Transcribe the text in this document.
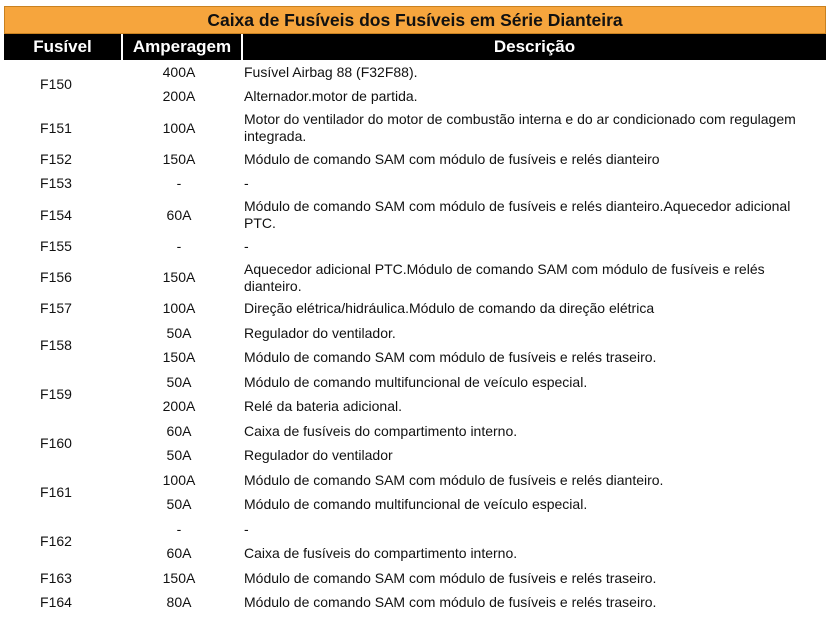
Caixa de Fusíveis dos Fusíveis em Série Dianteira
Fusível	Amperagem	Descrição
F150	400A	Fusível Airbag 88 (F32F88).
	200A	Alternador.motor de partida.
F151	100A	Motor do ventilador do motor de combustão interna e do ar condicionado com regulagem integrada.
F152	150A	Módulo de comando SAM com módulo de fusíveis e relés dianteiro
F153	-	-
F154	60A	Módulo de comando SAM com módulo de fusíveis e relés dianteiro.Aquecedor adicional PTC.
F155	-	-
F156	150A	Aquecedor adicional PTC.Módulo de comando SAM com módulo de fusíveis e relés dianteiro.
F157	100A	Direção elétrica/hidráulica.Módulo de comando da direção elétrica
F158	50A	Regulador do ventilador.
	150A	Módulo de comando SAM com módulo de fusíveis e relés traseiro.
F159	50A	Módulo de comando multifuncional de veículo especial.
	200A	Relé da bateria adicional.
F160	60A	Caixa de fusíveis do compartimento interno.
	50A	Regulador do ventilador
F161	100A	Módulo de comando SAM com módulo de fusíveis e relés dianteiro.
	50A	Módulo de comando multifuncional de veículo especial.
F162	-	-
	60A	Caixa de fusíveis do compartimento interno.
F163	150A	Módulo de comando SAM com módulo de fusíveis e relés traseiro.
F164	80A	Módulo de comando SAM com módulo de fusíveis e relés traseiro.
